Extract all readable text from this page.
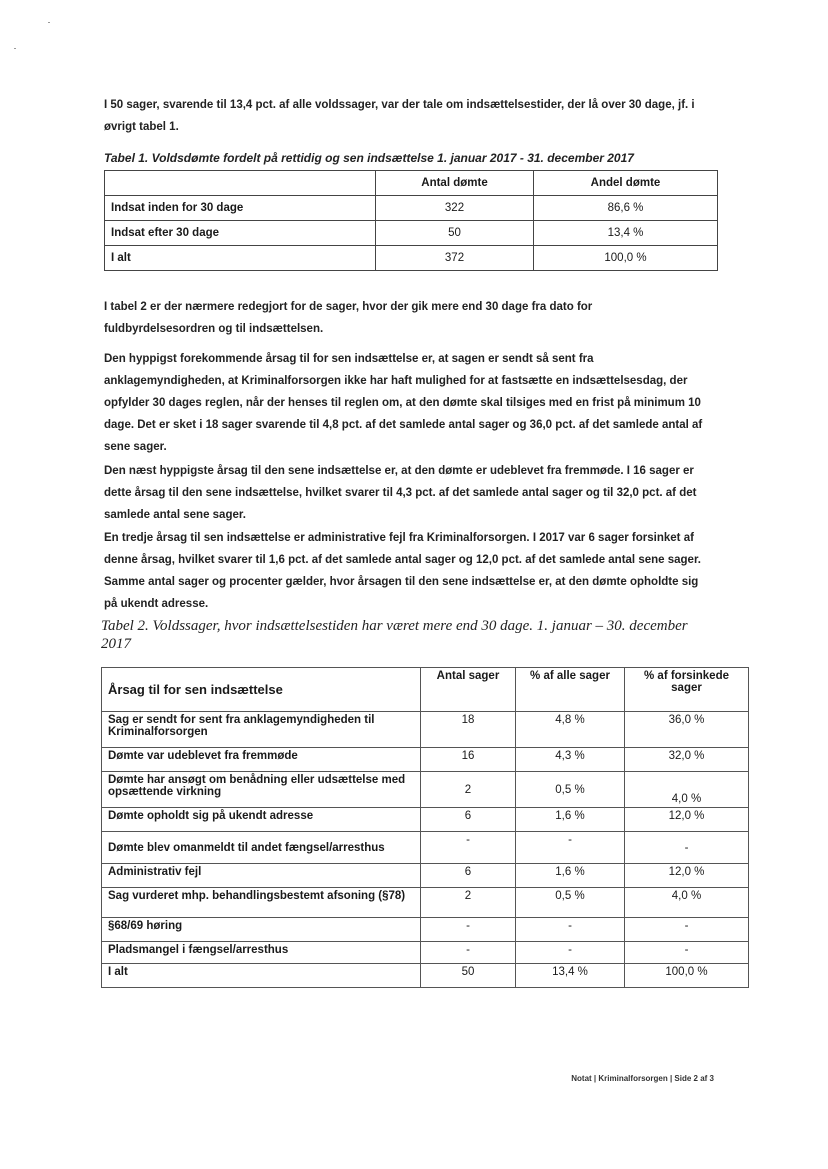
I 50 sager, svarende til 13,4 pct. af alle voldssager, var der tale om indsættelsestider, der lå over 30 dage, jf. i øvrigt tabel 1.
Tabel 1. Voldsdømte fordelt på rettidig og sen indsættelse 1. januar 2017 - 31. december 2017
	Antal dømte	Andel dømte
Indsat inden for 30 dage	322	86,6 %
Indsat efter 30 dage	50	13,4 %
I alt	372	100,0 %
I tabel 2 er der nærmere redegjort for de sager, hvor der gik mere end 30 dage fra dato for fuldbyrdelsesordren og til indsættelsen.
Den hyppigst forekommende årsag til for sen indsættelse er, at sagen er sendt så sent fra anklagemyndigheden, at Kriminalforsorgen ikke har haft mulighed for at fastsætte en indsættelsesdag, der opfylder 30 dages reglen, når der henses til reglen om, at den dømte skal tilsiges med en frist på minimum 10 dage. Det er sket i 18 sager svarende til 4,8 pct. af det samlede antal sager og 36,0 pct. af det samlede antal af sene sager.
Den næst hyppigste årsag til den sene indsættelse er, at den dømte er udeblevet fra fremmøde. I 16 sager er dette årsag til den sene indsættelse, hvilket svarer til 4,3 pct. af det samlede antal sager og til 32,0 pct. af det samlede antal sene sager.
En tredje årsag til sen indsættelse er administrative fejl fra Kriminalforsorgen. I 2017 var 6 sager forsinket af denne årsag, hvilket svarer til 1,6 pct. af det samlede antal sager og 12,0 pct. af det samlede antal sene sager. Samme antal sager og procenter gælder, hvor årsagen til den sene indsættelse er, at den dømte opholdte sig på ukendt adresse.
Tabel 2. Voldssager, hvor indsættelsestiden har været mere end 30 dage. 1. januar – 30. december 2017
Årsag til for sen indsættelse	Antal sager	% af alle sager	% af forsinkede sager
Sag er sendt for sent fra anklagemyndigheden til Kriminalforsorgen	18	4,8 %	36,0 %
Dømte var udeblevet fra fremmøde	16	4,3 %	32,0 %
Dømte har ansøgt om benådning eller udsættelse med opsættende virkning	2	0,5 %	4,0 %
Dømte opholdt sig på ukendt adresse	6	1,6 %	12,0 %
Dømte blev omanmeldt til andet fængsel/arresthus	-	-	-
Administrativ fejl	6	1,6 %	12,0 %
Sag vurderet mhp. behandlingsbestemt afsoning (§78)	2	0,5 %	4,0 %
§68/69 høring	-	-	-
Pladsmangel i fængsel/arresthus	-	-	-
I alt	50	13,4 %	100,0 %
Notat | Kriminalforsorgen | Side 2 af 3
